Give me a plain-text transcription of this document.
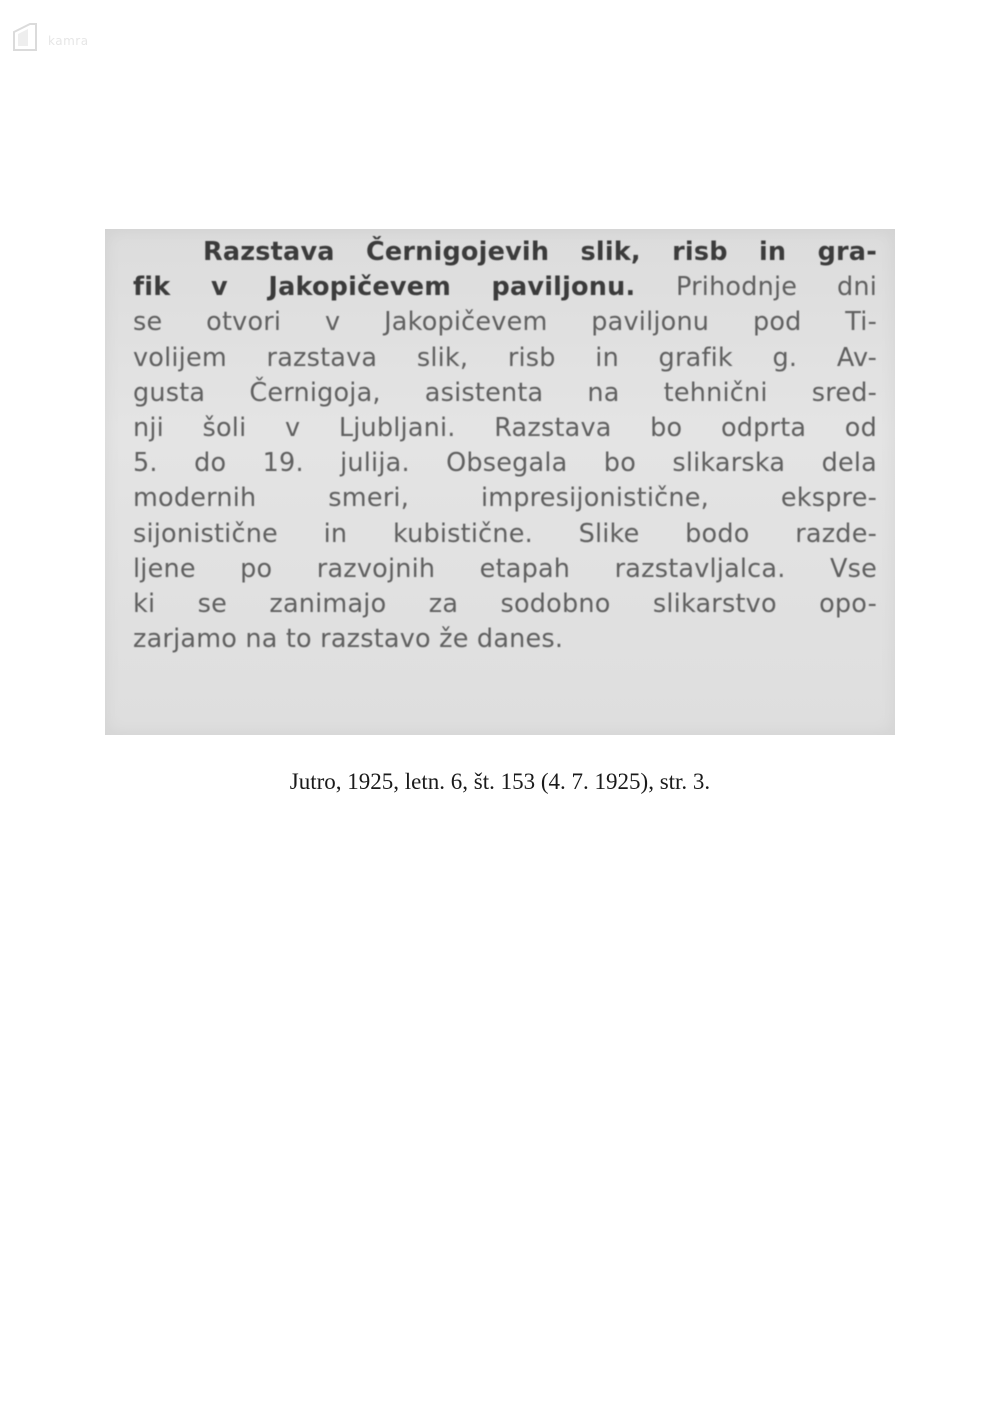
kamra
Razstava Černigojevih slik, risb in gra-
fik v Jakopičevem paviljonu. Prihodnje dni
se otvori v Jakopičevem paviljonu pod Ti-
volijem razstava slik, risb in grafik g. Av-
gusta Černigoja, asistenta na tehnični sred-
nji šoli v Ljubljani. Razstava bo odprta od
5. do 19. julija. Obsegala bo slikarska dela
modernih smeri, impresijonistične, ekspre-
sijonistične in kubistične. Slike bodo razde-
ljene po razvojnih etapah razstavljalca. Vse
ki se zanimajo za sodobno slikarstvo opo-
zarjamo na to razstavo že danes.
Jutro, 1925, letn. 6, št. 153 (4. 7. 1925), str. 3.
